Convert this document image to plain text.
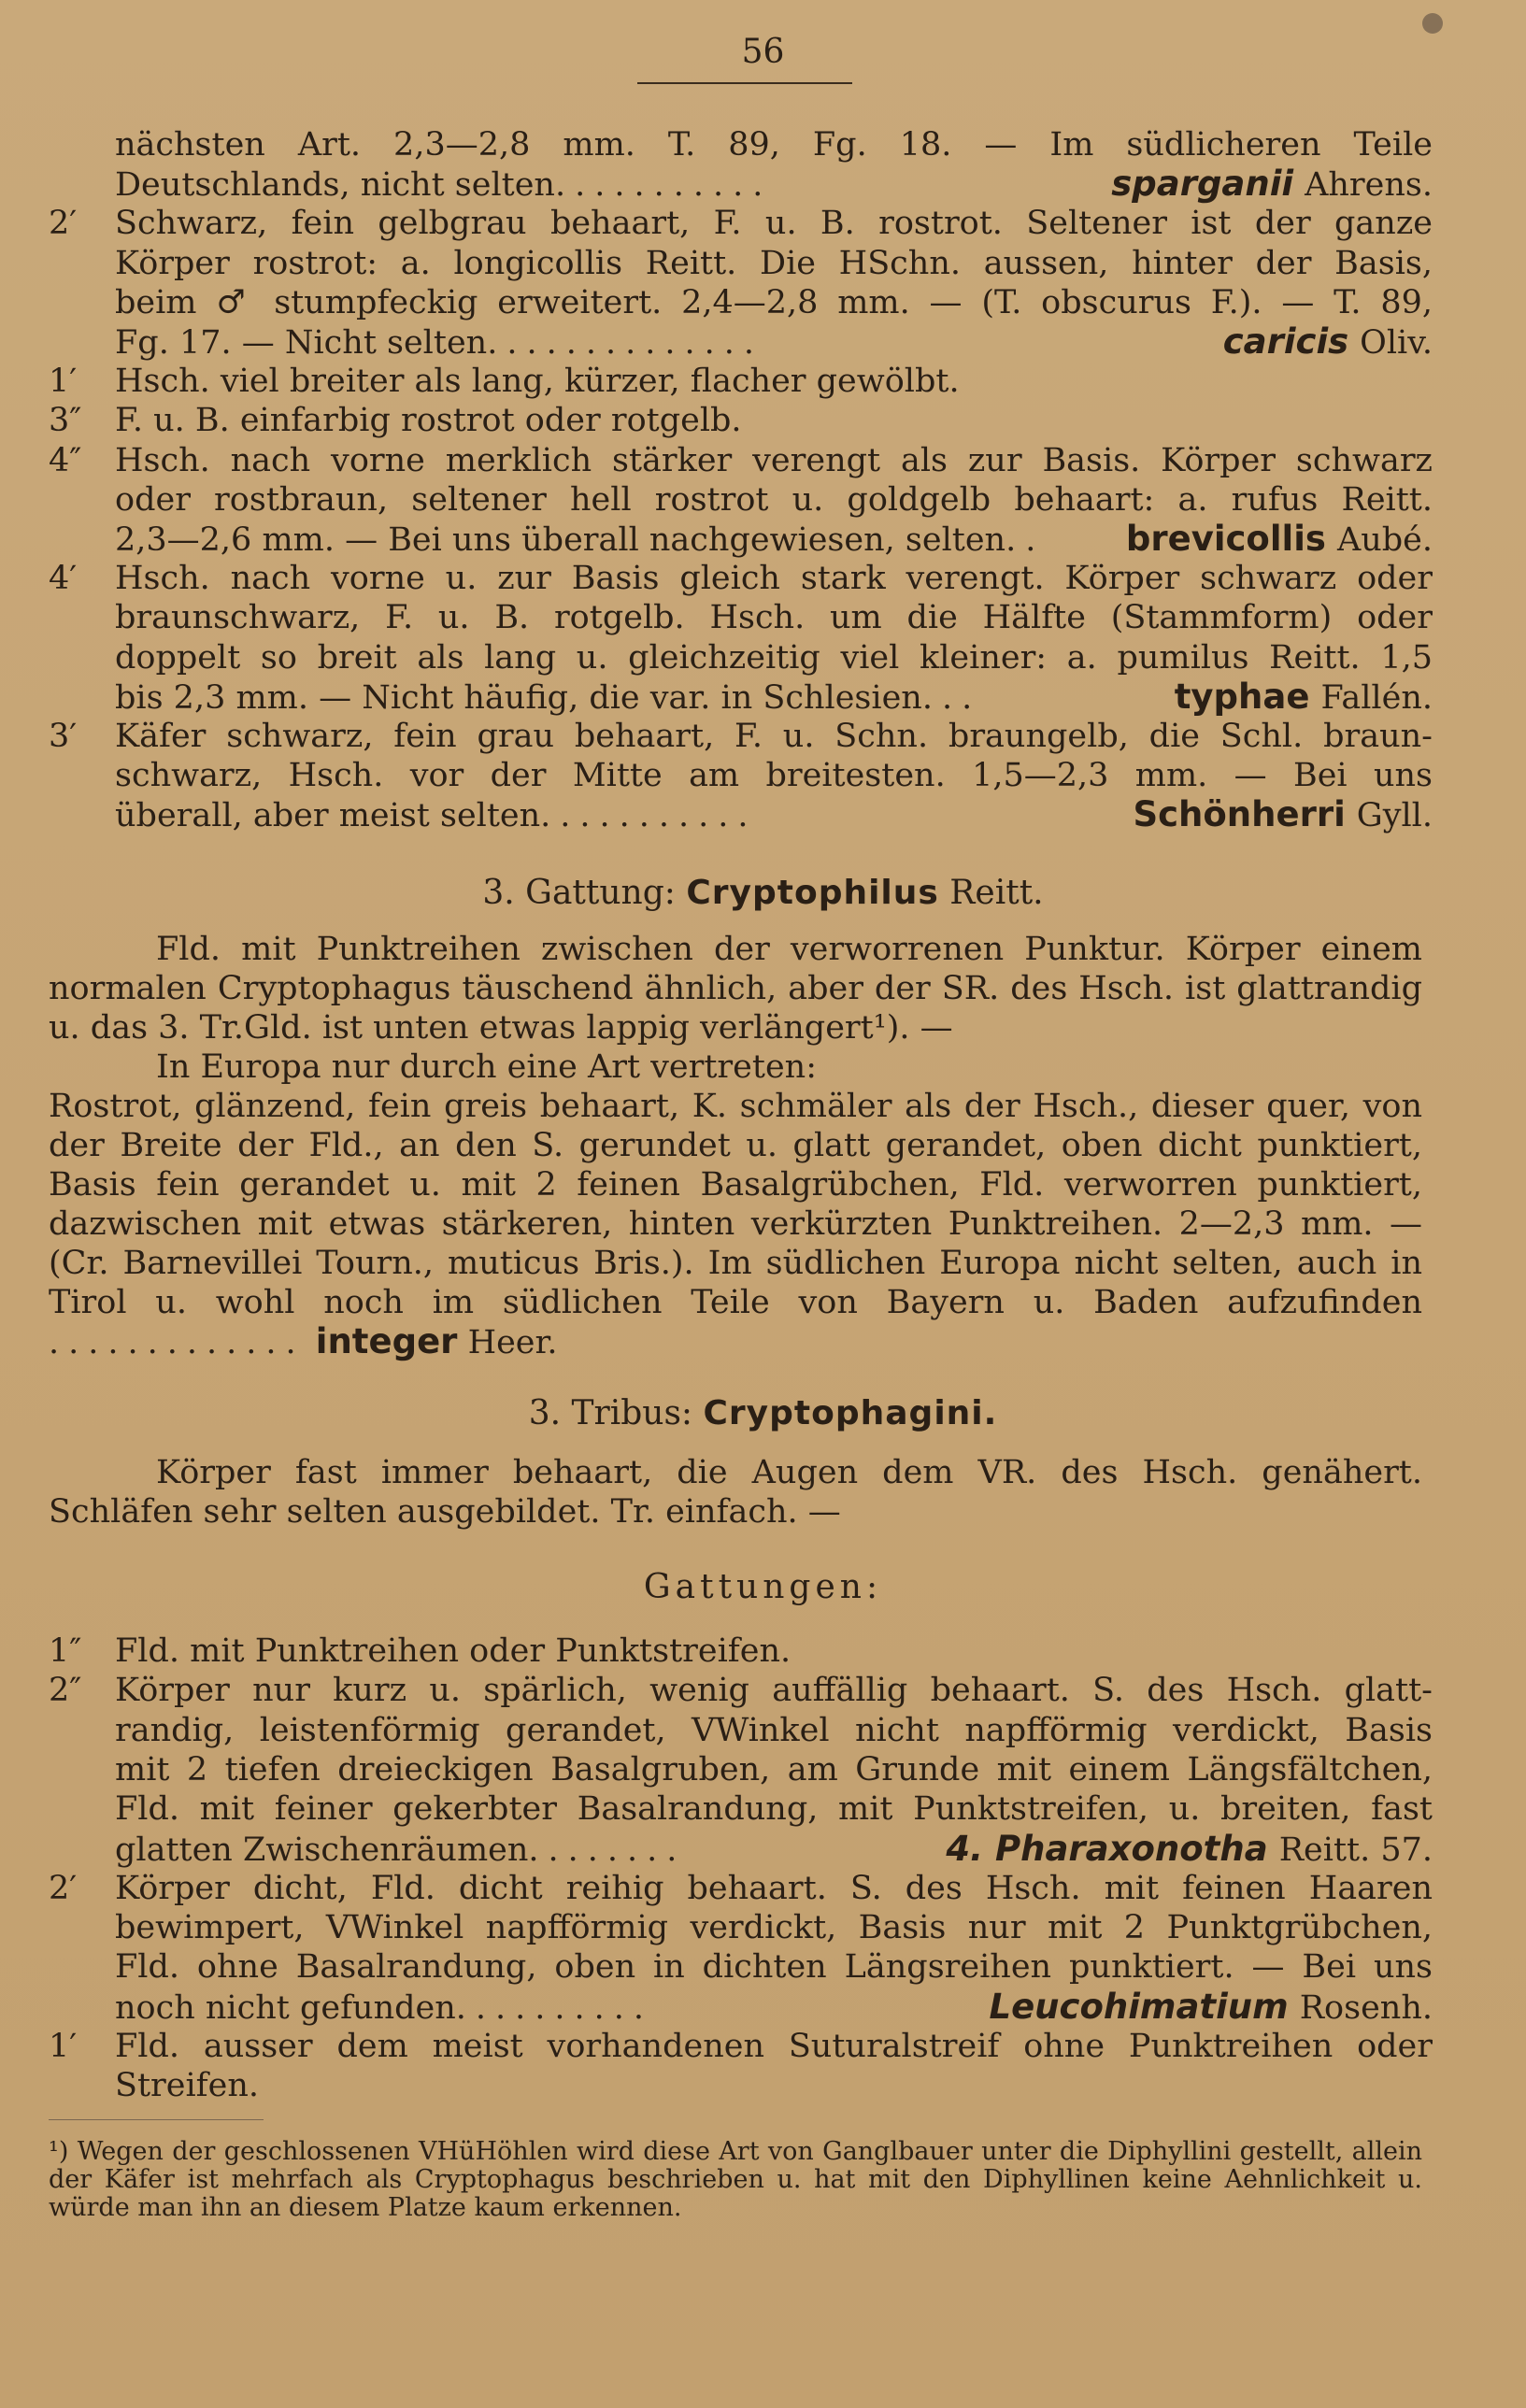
56
nächsten Art. 2,3—2,8 mm. T. 89, Fg. 18. — Im südlicheren Teile
Deutschlands, nicht selten ...........	sparganii Ahrens.
2′ Schwarz, fein gelbgrau behaart, F. u. B. rostrot. Seltener ist der ganze
Körper rostrot: a. longicollis Reitt. Die HSchn. aussen, hinter der Basis,
beim ♂ stumpfeckig erweitert. 2,4—2,8 mm. — (T. obscurus F.). — T. 89,
Fg. 17. — Nicht selten ..............	caricis Oliv.
1′ Hsch. viel breiter als lang, kürzer, flacher gewölbt.
3″ F. u. B. einfarbig rostrot oder rotgelb.
4″ Hsch. nach vorne merklich stärker verengt als zur Basis. Körper schwarz
oder rostbraun, seltener hell rostrot u. goldgelb behaart: a. rufus Reitt.
2,3—2,6 mm. — Bei uns überall nachgewiesen, selten ..	brevicollis Aubé.
4′ Hsch. nach vorne u. zur Basis gleich stark verengt. Körper schwarz oder
braunschwarz, F. u. B. rotgelb. Hsch. um die Hälfte (Stammform) oder
doppelt so breit als lang u. gleichzeitig viel kleiner: a. pumilus Reitt. 1,5
bis 2,3 mm. — Nicht häufig, die var. in Schlesien ...	typhae Fallén.
3′ Käfer schwarz, fein grau behaart, F. u. Schn. braungelb, die Schl. braun-
schwarz, Hsch. vor der Mitte am breitesten. 1,5—2,3 mm. — Bei uns
überall, aber meist selten ...........	Schönherri Gyll.
3. Gattung: Cryptophilus Reitt.
Fld. mit Punktreihen zwischen der verworrenen Punktur. Körper einem normalen Cryptophagus täuschend ähnlich, aber der SR. des Hsch. ist glattrandig u. das 3. Tr.Gld. ist unten etwas lappig verlängert¹). —
In Europa nur durch eine Art vertreten:
Rostrot, glänzend, fein greis behaart, K. schmäler als der Hsch., dieser quer, von der Breite der Fld., an den S. gerundet u. glatt gerandet, oben dicht punktiert, Basis fein gerandet u. mit 2 feinen Basalgrübchen, Fld. verworren punktiert, dazwischen mit etwas stärkeren, hinten verkürzten Punktreihen. 2—2,3 mm. — (Cr. Barnevillei Tourn., muticus Bris.). Im südlichen Europa nicht selten, auch in Tirol u. wohl noch im südlichen Teile von Bayern u. Baden aufzufinden ............. integer Heer.
3. Tribus: Cryptophagini.
Körper fast immer behaart, die Augen dem VR. des Hsch. genähert. Schläfen sehr selten ausgebildet. Tr. einfach. —
Gattungen:
1″ Fld. mit Punktreihen oder Punktstreifen.
2″ Körper nur kurz u. spärlich, wenig auffällig behaart. S. des Hsch. glatt-
randig, leistenförmig gerandet, VWinkel nicht napfförmig verdickt, Basis
mit 2 tiefen dreieckigen Basalgruben, am Grunde mit einem Längsfältchen,
Fld. mit feiner gekerbter Basalrandung, mit Punktstreifen, u. breiten, fast
glatten Zwischenräumen ........	4. Pharaxonotha Reitt. 57.
2′ Körper dicht, Fld. dicht reihig behaart. S. des Hsch. mit feinen Haaren
bewimpert, VWinkel napfförmig verdickt, Basis nur mit 2 Punktgrübchen,
Fld. ohne Basalrandung, oben in dichten Längsreihen punktiert. — Bei uns
noch nicht gefunden ..........	Leucohimatium Rosenh.
1′ Fld. ausser dem meist vorhandenen Suturalstreif ohne Punktreihen oder
Streifen.
¹) Wegen der geschlossenen VHüHöhlen wird diese Art von Ganglbauer unter die Diphyllini gestellt, allein der Käfer ist mehrfach als Cryptophagus beschrieben u. hat mit den Diphyllinen keine Aehnlichkeit u. würde man ihn an diesem Platze kaum erkennen.
